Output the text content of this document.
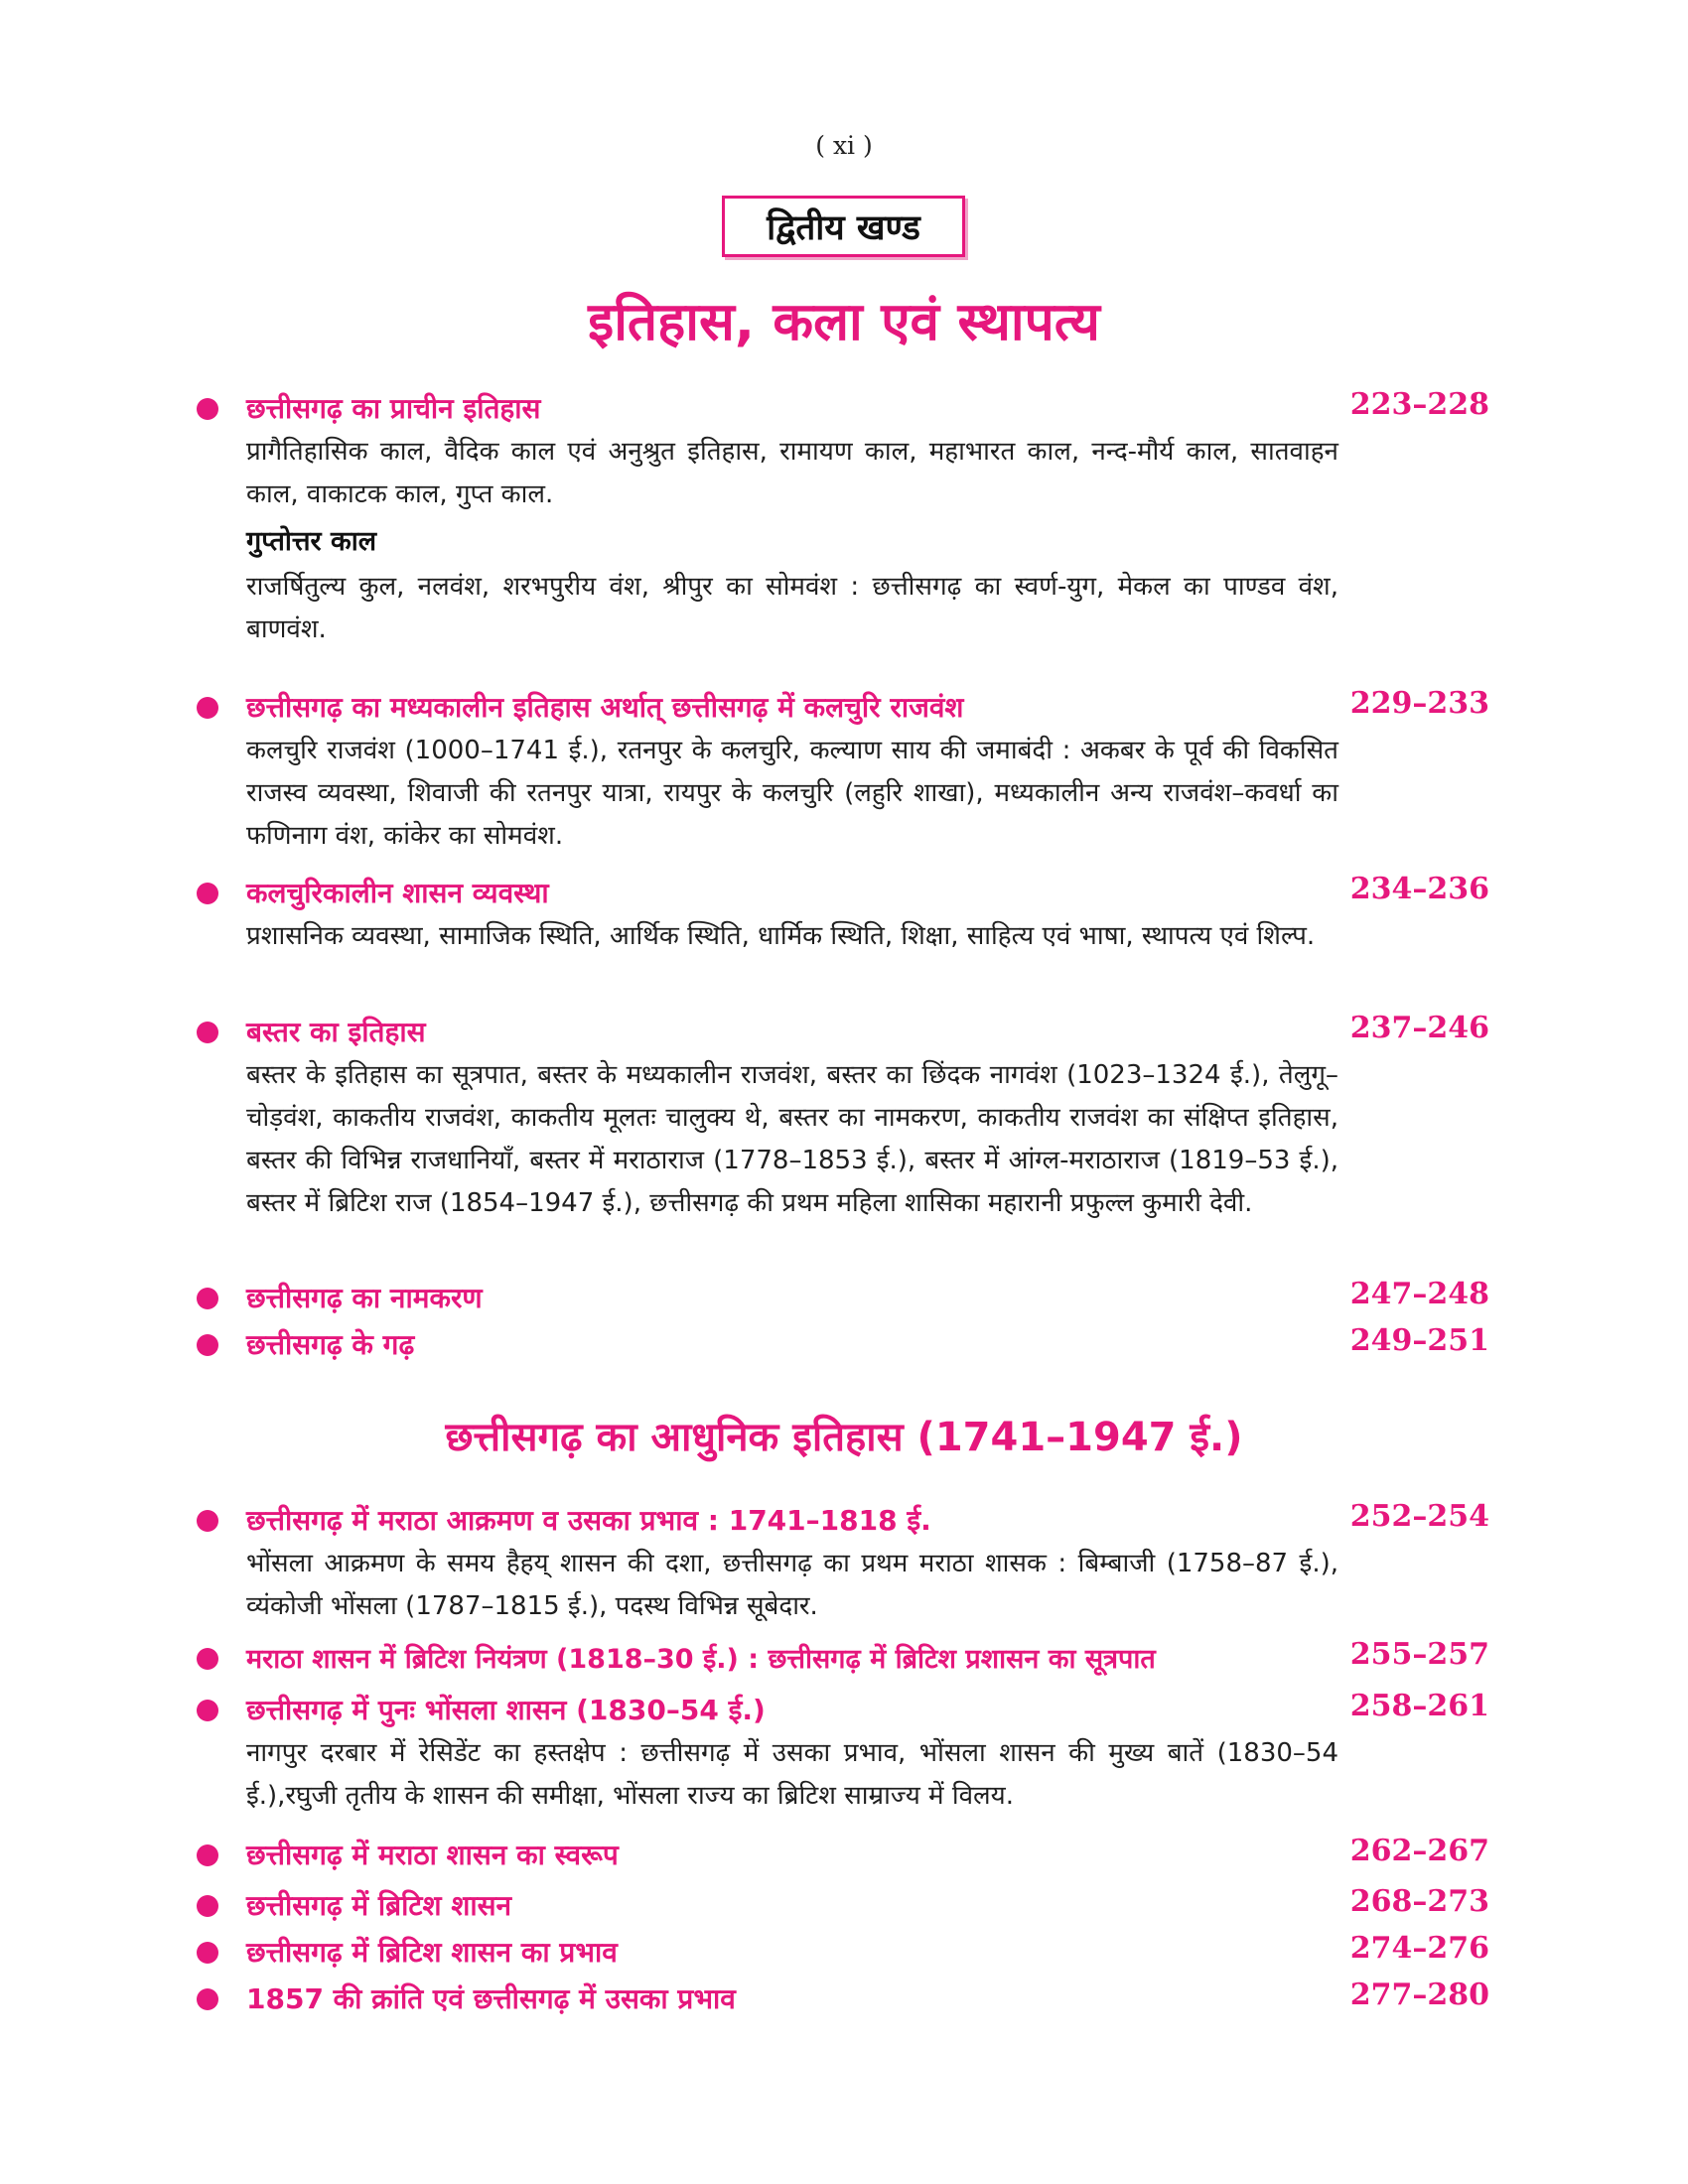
( xi )
द्वितीय खण्ड
इतिहास, कला एवं स्थापत्य
छत्तीसगढ़ का प्राचीन इतिहास	223–228

प्रागैतिहासिक काल, वैदिक काल एवं अनुश्रुत इतिहास, रामायण काल, महाभारत काल, नन्द-मौर्य काल, सातवाहन काल, वाकाटक काल, गुप्त काल.

गुप्तोत्तर काल

राजर्षितुल्य कुल, नलवंश, शरभपुरीय वंश, श्रीपुर का सोमवंश : छत्तीसगढ़ का स्वर्ण-युग, मेकल का पाण्डव वंश, बाणवंश.

छत्तीसगढ़ का मध्यकालीन इतिहास अर्थात् छत्तीसगढ़ में कलचुरि राजवंश	229–233

कलचुरि राजवंश (1000–1741 ई.), रतनपुर के कलचुरि, कल्याण साय की जमाबंदी : अकबर के पूर्व की विकसित राजस्व व्यवस्था, शिवाजी की रतनपुर यात्रा, रायपुर के कलचुरि (लहुरि शाखा), मध्यकालीन अन्य राजवंश–कवर्धा का फणिनाग वंश, कांकेर का सोमवंश.

कलचुरिकालीन शासन व्यवस्था	234–236

प्रशासनिक व्यवस्था, सामाजिक स्थिति, आर्थिक स्थिति, धार्मिक स्थिति, शिक्षा, साहित्य एवं भाषा, स्थापत्य एवं शिल्प.

बस्तर का इतिहास	237–246

बस्तर के इतिहास का सूत्रपात, बस्तर के मध्यकालीन राजवंश, बस्तर का छिंदक नागवंश (1023–1324 ई.), तेलुगू–चोड़वंश, काकतीय राजवंश, काकतीय मूलतः चालुक्य थे, बस्तर का नामकरण, काकतीय राजवंश का संक्षिप्त इतिहास, बस्तर की विभिन्न राजधानियाँ, बस्तर में मराठाराज (1778–1853 ई.), बस्तर में आंग्ल-मराठाराज (1819–53 ई.), बस्तर में ब्रिटिश राज (1854–1947 ई.), छत्तीसगढ़ की प्रथम महिला शासिका महारानी प्रफुल्ल कुमारी देवी.

छत्तीसगढ़ का नामकरण	247–248
छत्तीसगढ़ के गढ़	249–251
छत्तीसगढ़ का आधुनिक इतिहास (1741–1947 ई.)
छत्तीसगढ़ में मराठा आक्रमण व उसका प्रभाव : 1741–1818 ई.	252–254

भोंसला आक्रमण के समय हैहय् शासन की दशा, छत्तीसगढ़ का प्रथम मराठा शासक : बिम्बाजी (1758–87 ई.), व्यंकोजी भोंसला (1787–1815 ई.), पदस्थ विभिन्न सूबेदार.

मराठा शासन में ब्रिटिश नियंत्रण (1818–30 ई.) : छत्तीसगढ़ में ब्रिटिश प्रशासन का सूत्रपात	255–257
छत्तीसगढ़ में पुनः भोंसला शासन (1830–54 ई.)	258–261

नागपुर दरबार में रेसिडेंट का हस्तक्षेप : छत्तीसगढ़ में उसका प्रभाव, भोंसला शासन की मुख्य बातें (1830–54 ई.),रघुजी तृतीय के शासन की समीक्षा, भोंसला राज्य का ब्रिटिश साम्राज्य में विलय.

छत्तीसगढ़ में मराठा शासन का स्वरूप	262–267
छत्तीसगढ़ में ब्रिटिश शासन	268–273
छत्तीसगढ़ में ब्रिटिश शासन का प्रभाव	274–276
1857 की क्रांति एवं छत्तीसगढ़ में उसका प्रभाव	277–280
